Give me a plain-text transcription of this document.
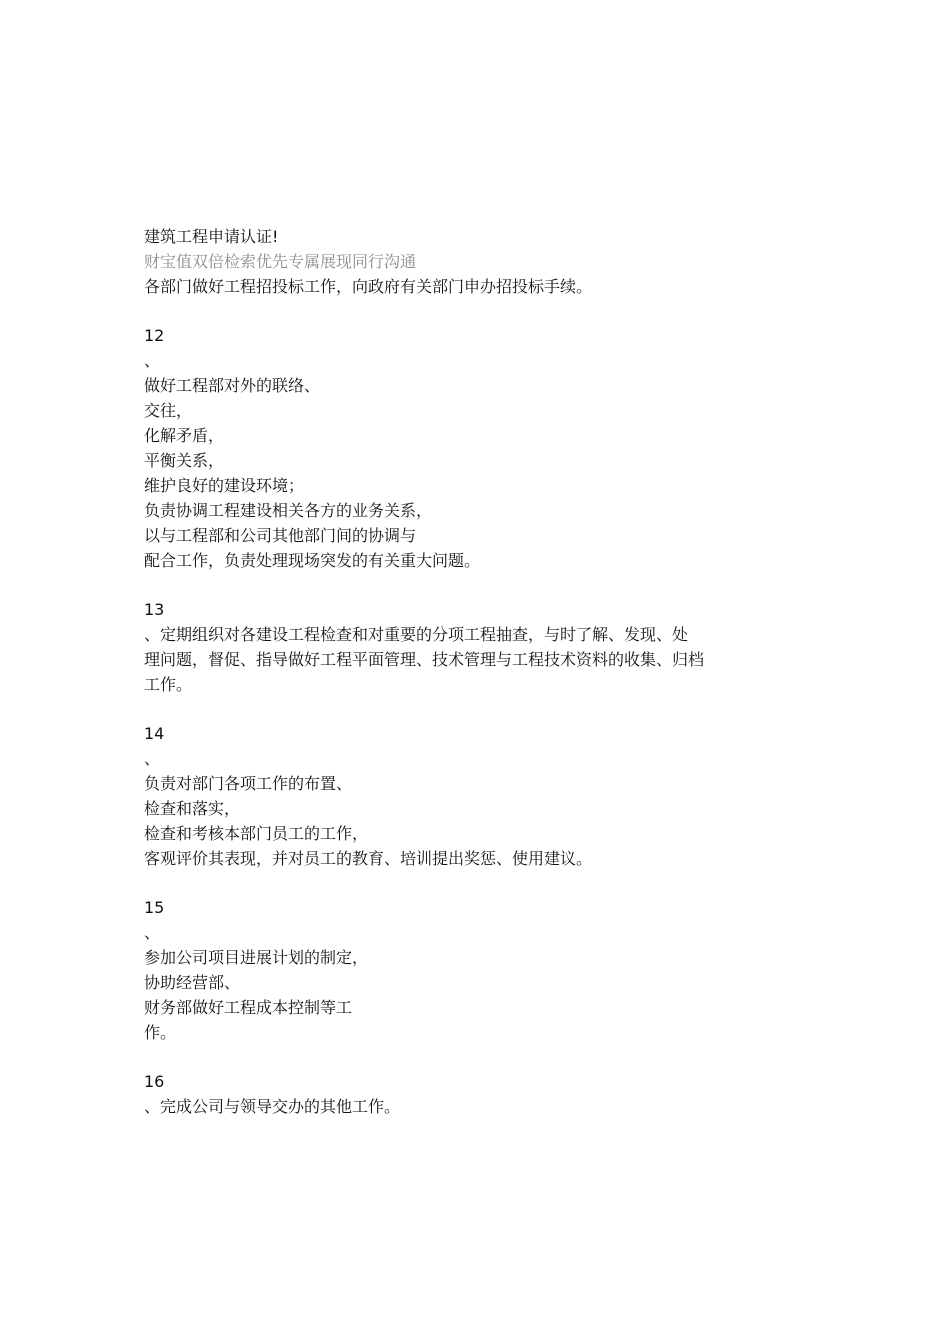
建筑工程申请认证!
财宝值双倍检索优先专属展现同行沟通
各部门做好工程招投标工作，向政府有关部门申办招投标手续。
12
、
做好工程部对外的联络、
交往，
化解矛盾，
平衡关系，
维护良好的建设环境；
负责协调工程建设相关各方的业务关系，
以与工程部和公司其他部门间的协调与
配合工作，负责处理现场突发的有关重大问题。
13
、定期组织对各建设工程检查和对重要的分项工程抽查，与时了解、发现、处
理问题，督促、指导做好工程平面管理、技术管理与工程技术资料的收集、归档
工作。
14
、
负责对部门各项工作的布置、
检查和落实，
检查和考核本部门员工的工作，
客观评价其表现，并对员工的教育、培训提出奖惩、使用建议。
15
、
参加公司项目进展计划的制定，
协助经营部、
财务部做好工程成本控制等工
作。
16
、完成公司与领导交办的其他工作。
